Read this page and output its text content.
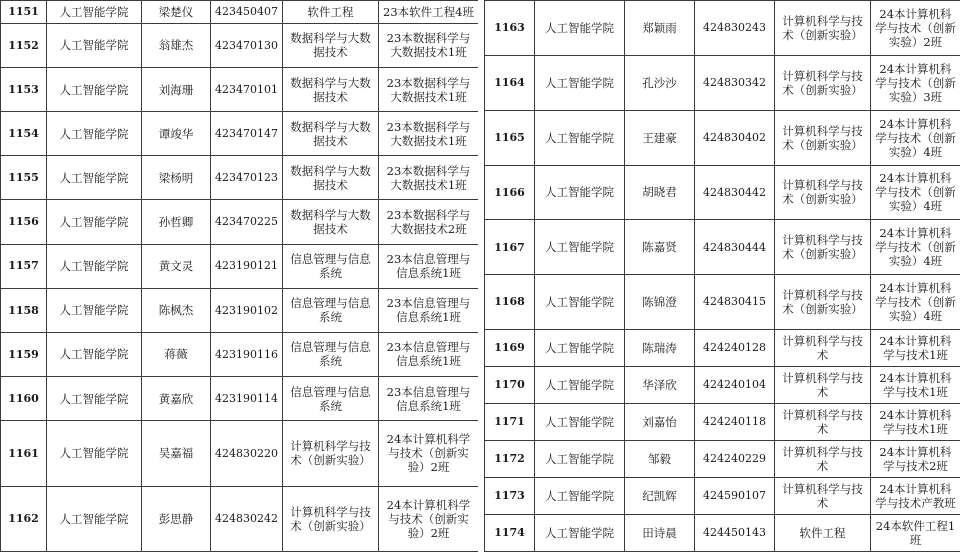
1151	人工智能学院	梁楚仪	423450407	软件工程	23本软件工程4班
1152	人工智能学院	翁雄杰	423470130	数据科学与大数据技术	23本数据科学与大数据技术1班
1153	人工智能学院	刘海珊	423470101	数据科学与大数据技术	23本数据科学与大数据技术1班
1154	人工智能学院	谭竣华	423470147	数据科学与大数据技术	23本数据科学与大数据技术1班
1155	人工智能学院	梁杨明	423470123	数据科学与大数据技术	23本数据科学与大数据技术1班
1156	人工智能学院	孙哲卿	423470225	数据科学与大数据技术	23本数据科学与大数据技术2班
1157	人工智能学院	黄文灵	423190121	信息管理与信息系统	23本信息管理与信息系统1班
1158	人工智能学院	陈枫杰	423190102	信息管理与信息系统	23本信息管理与信息系统1班
1159	人工智能学院	蒋薇	423190116	信息管理与信息系统	23本信息管理与信息系统1班
1160	人工智能学院	黄嘉欣	423190114	信息管理与信息系统	23本信息管理与信息系统1班
1161	人工智能学院	吴嘉福	424830220	计算机科学与技术（创新实验）	24本计算机科学与技术（创新实验）2班
1162	人工智能学院	彭思静	424830242	计算机科学与技术（创新实验）	24本计算机科学与技术（创新实验）2班
1163	人工智能学院	郑颖雨	424830243	计算机科学与技术（创新实验）	24本计算机科学与技术（创新实验）2班
1164	人工智能学院	孔沙沙	424830342	计算机科学与技术（创新实验）	24本计算机科学与技术（创新实验）3班
1165	人工智能学院	王建豪	424830402	计算机科学与技术（创新实验）	24本计算机科学与技术（创新实验）4班
1166	人工智能学院	胡晓君	424830442	计算机科学与技术（创新实验）	24本计算机科学与技术（创新实验）4班
1167	人工智能学院	陈嘉贤	424830444	计算机科学与技术（创新实验）	24本计算机科学与技术（创新实验）4班
1168	人工智能学院	陈锦澄	424830415	计算机科学与技术（创新实验）	24本计算机科学与技术（创新实验）4班
1169	人工智能学院	陈瑞涛	424240128	计算机科学与技术	24本计算机科学与技术1班
1170	人工智能学院	华泽欣	424240104	计算机科学与技术	24本计算机科学与技术1班
1171	人工智能学院	刘嘉怡	424240118	计算机科学与技术	24本计算机科学与技术1班
1172	人工智能学院	邹毅	424240229	计算机科学与技术	24本计算机科学与技术2班
1173	人工智能学院	纪凯辉	424590107	计算机科学与技术	24本计算机科学与技术产教班
1174	人工智能学院	田诗晨	424450143	软件工程	24本软件工程1班
